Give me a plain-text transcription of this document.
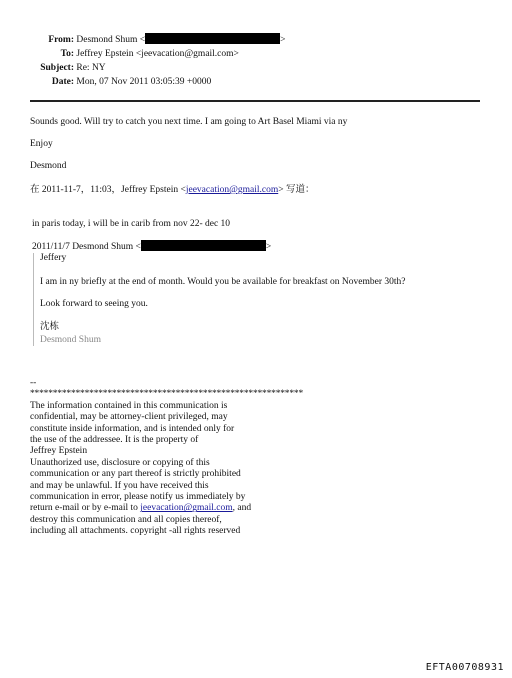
From: Desmond Shum <	>
To: Jeffrey Epstein <jeevacation@gmail.com>
Subject: Re: NY
Date: Mon, 07 Nov 2011 03:05:39 +0000
Sounds good. Will try to catch you next time. I am going to Art Basel Miami via ny
Enjoy
Desmond
在 2011-11-7，11:03，Jeffrey Epstein <jeevacation@gmail.com> 写道：
in paris today, i will be in carib from nov 22- dec 10
2011/11/7 Desmond Shum <	>
Jeffery
I am in ny briefly at the end of month. Would you be available for breakfast on November 30th?
Look forward to seeing you.
沈栋
Desmond Shum
--
************************************************************
The information contained in this communication is
confidential, may be attorney-client privileged, may
constitute inside information, and is intended only for
the use of the addressee. It is the property of
Jeffrey Epstein
Unauthorized use, disclosure or copying of this
communication or any part thereof is strictly prohibited
and may be unlawful. If you have received this
communication in error, please notify us immediately by
return e-mail or by e-mail to jeevacation@gmail.com, and
destroy this communication and all copies thereof,
including all attachments. copyright -all rights reserved
EFTA00708931
